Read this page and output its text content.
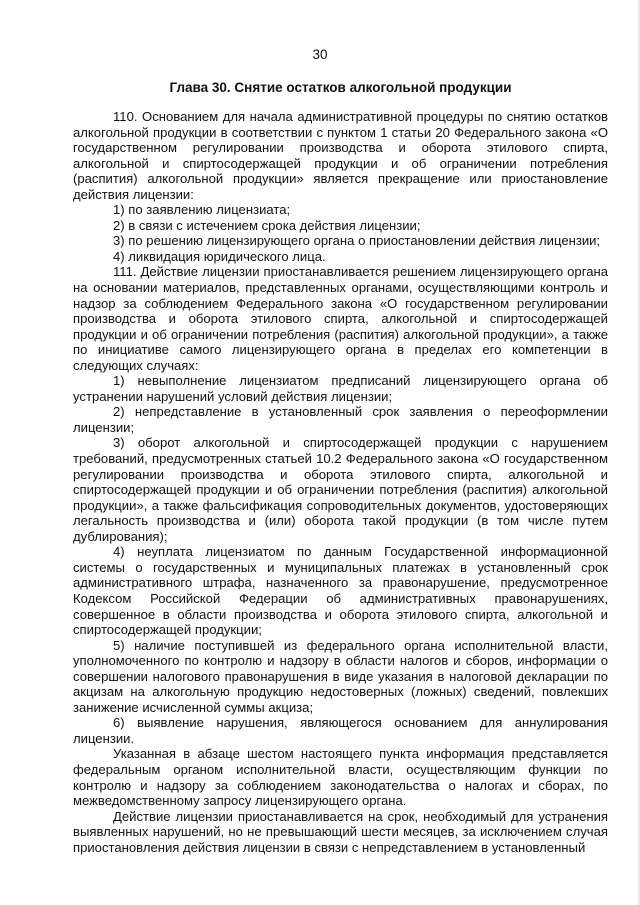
30
Глава 30. Снятие остатков алкогольной продукции

110. Основанием для начала административной процедуры по снятию остатков алкогольной продукции в соответствии с пунктом 1 статьи 20 Федерального закона «О государственном регулировании производства и оборота этилового спирта, алкогольной и спиртосодержащей продукции и об ограничении потребления (распития) алкогольной продукции» является прекращение или приостановление действия лицензии:

1) по заявлению лицензиата;

2) в связи с истечением срока действия лицензии;

3) по решению лицензирующего органа о приостановлении действия лицензии;

4) ликвидация юридического лица.

111. Действие лицензии приостанавливается решением лицензирующего органа на основании материалов, представленных органами, осуществляющими контроль и надзор за соблюдением Федерального закона «О государственном регулировании производства и оборота этилового спирта, алкогольной и спиртосодержащей продукции и об ограничении потребления (распития) алкогольной продукции», а также по инициативе самого лицензирующего органа в пределах его компетенции в следующих случаях:

1) невыполнение лицензиатом предписаний лицензирующего органа об устранении нарушений условий действия лицензии;

2) непредставление в установленный срок заявления о переоформлении лицензии;

3) оборот алкогольной и спиртосодержащей продукции с нарушением требований, предусмотренных статьей 10.2 Федерального закона «О государственном регулировании производства и оборота этилового спирта, алкогольной и спиртосодержащей продукции и об ограничении потребления (распития) алкогольной продукции», а также фальсификация сопроводительных документов, удостоверяющих легальность производства и (или) оборота такой продукции (в том числе путем дублирования);

4) неуплата лицензиатом по данным Государственной информационной системы о государственных и муниципальных платежах в установленный срок административного штрафа, назначенного за правонарушение, предусмотренное Кодексом Российской Федерации об административных правонарушениях, совершенное в области производства и оборота этилового спирта, алкогольной и спиртосодержащей продукции;

5) наличие поступившей из федерального органа исполнительной власти, уполномоченного по контролю и надзору в области налогов и сборов, информации о совершении налогового правонарушения в виде указания в налоговой декларации по акцизам на алкогольную продукцию недостоверных (ложных) сведений, повлекших занижение исчисленной суммы акциза;

6) выявление нарушения, являющегося основанием для аннулирования лицензии.

Указанная в абзаце шестом настоящего пункта информация представляется федеральным органом исполнительной власти, осуществляющим функции по контролю и надзору за соблюдением законодательства о налогах и сборах, по межведомственному запросу лицензирующего органа.

Действие лицензии приостанавливается на срок, необходимый для устранения выявленных нарушений, но не превышающий шести месяцев, за исключением случая приостановления действия лицензии в связи с непредставлением в установленный
